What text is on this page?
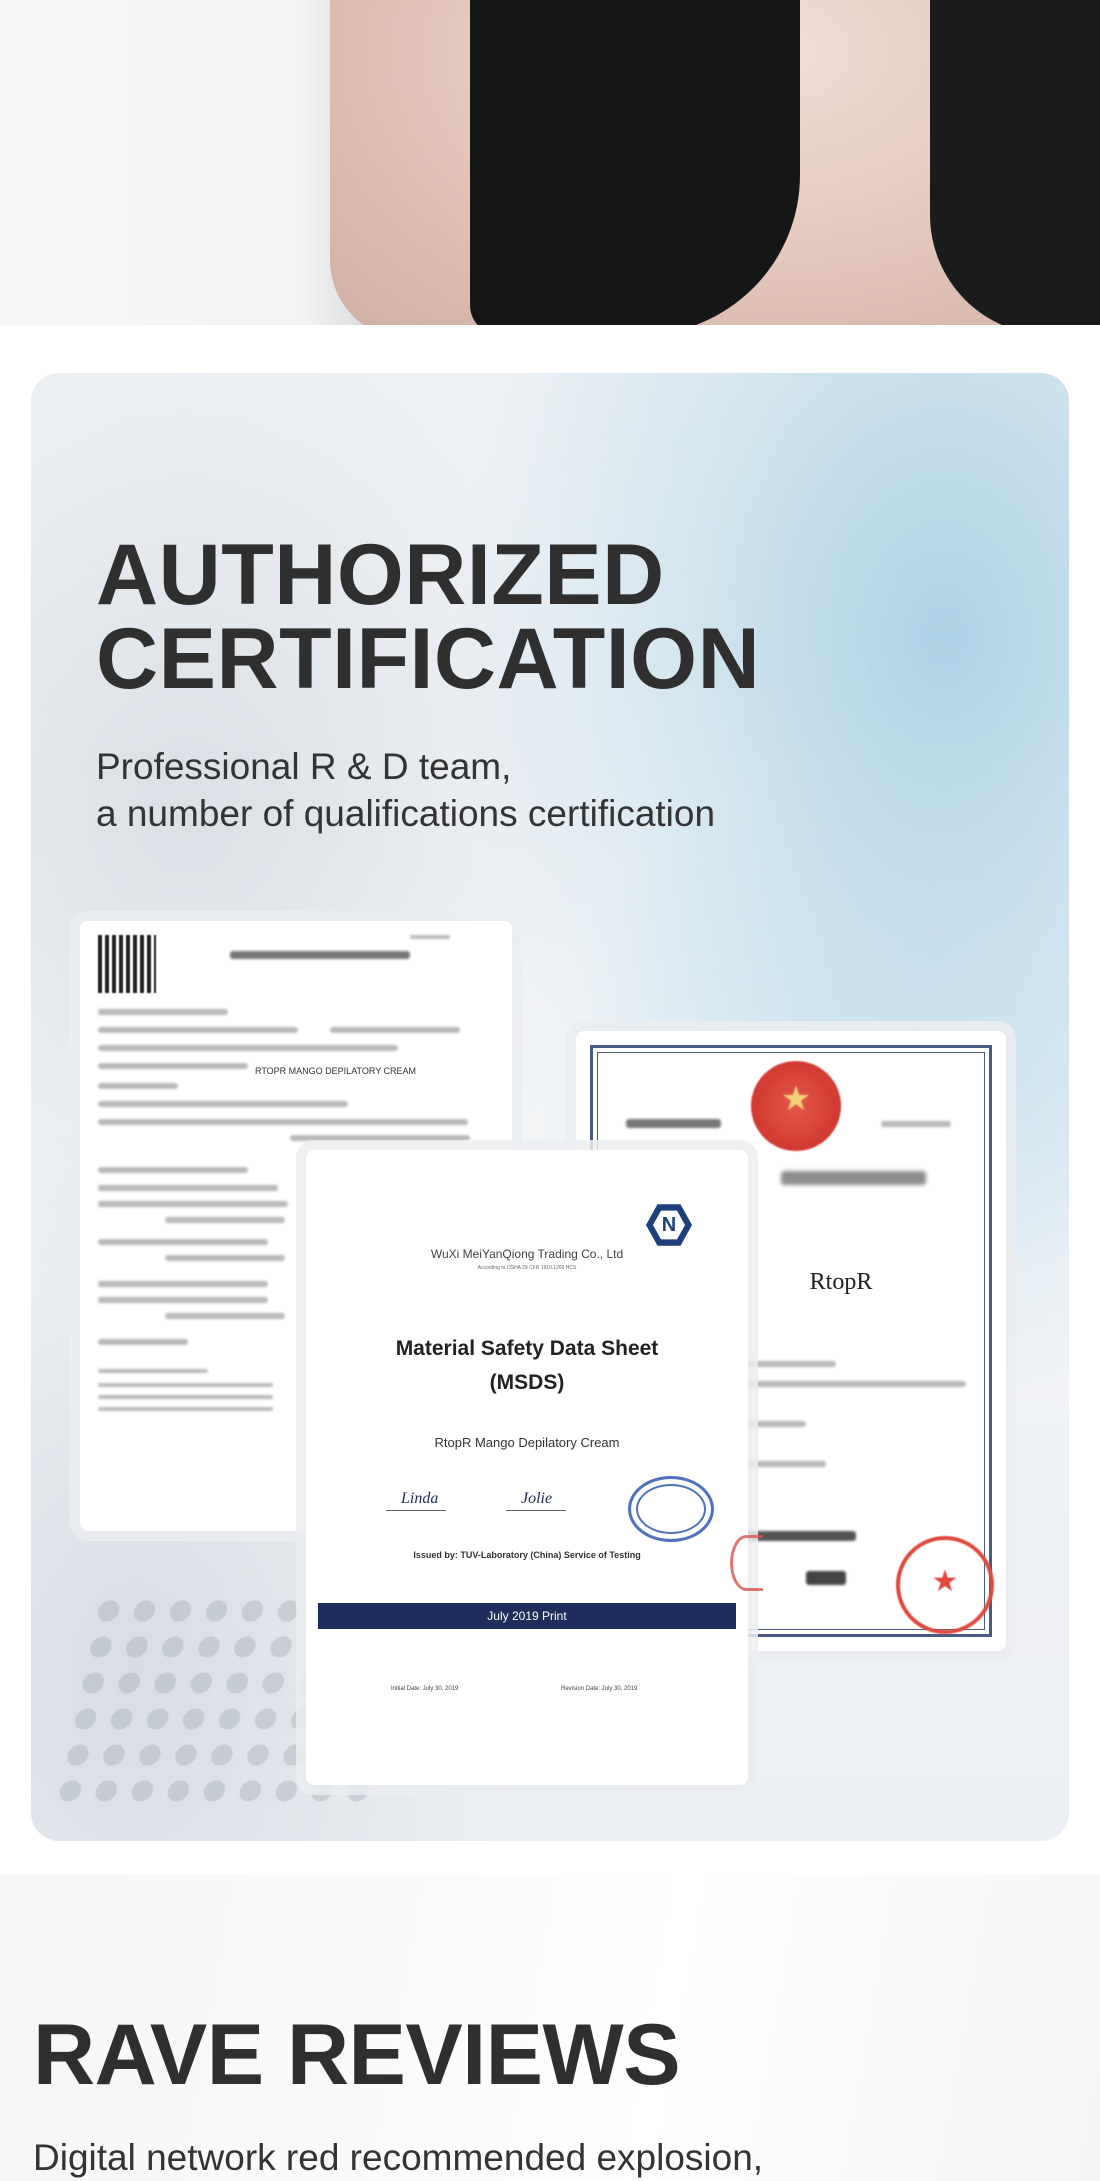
AUTHORIZED
CERTIFICATION
Professional R & D team,
a number of qualifications certification
RTOPR MANGO DEPILATORY CREAM
★
RtopR
★
N
WuXi MeiYanQiong Trading Co., Ltd
According to OSHA 29 CFR 1910.1200 HCS
Material Safety Data Sheet
(MSDS)
RtopR Mango Depilatory Cream
Linda	Jolie
Issued by: TUV-Laboratory (China) Service of Testing
July 2019 Print
Initial Date: July 30, 2019	Revision Date: July 30, 2019
RAVE REVIEWS
Digital network red recommended explosion,
